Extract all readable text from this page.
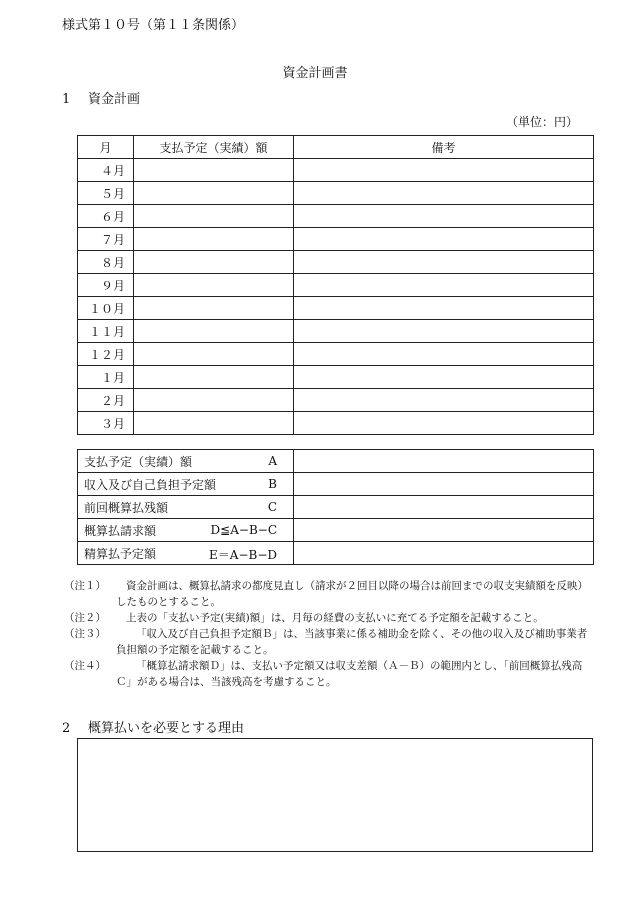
様式第１０号（第１１条関係）
資金計画書
1 資金計画
（単位：円）
月	支払予定（実績）額	備考
４月		
５月		
６月		
７月		
８月		
９月		
１０月		
１１月		
１２月		
１月		
２月		
３月		
支払予定（実績）額 A	

収入及び自己負担予定額 B	

前回概算払残額 C	

概算払請求額 D≦A−B−C	

精算払予定額 E＝A−B−D	

（注１） 資金計画は、概算払請求の都度見直し（請求が２回目以降の場合は前回までの収支実績額を反映）したものとすること。
（注２） 上表の「支払い予定(実績)額」は、月毎の経費の支払いに充てる予定額を記載すること。
（注３）	「収入及び自己負担予定額Ｂ」は、当該事業に係る補助金を除く、その他の収入及び補助事業者負担額の予定額を記載すること。
（注４）	「概算払請求額Ｄ」は、支払い予定額又は収支差額（Ａ－Ｂ）の範囲内とし、「前回概算払残高Ｃ」がある場合は、当該残高を考慮すること。
2 概算払いを必要とする理由
